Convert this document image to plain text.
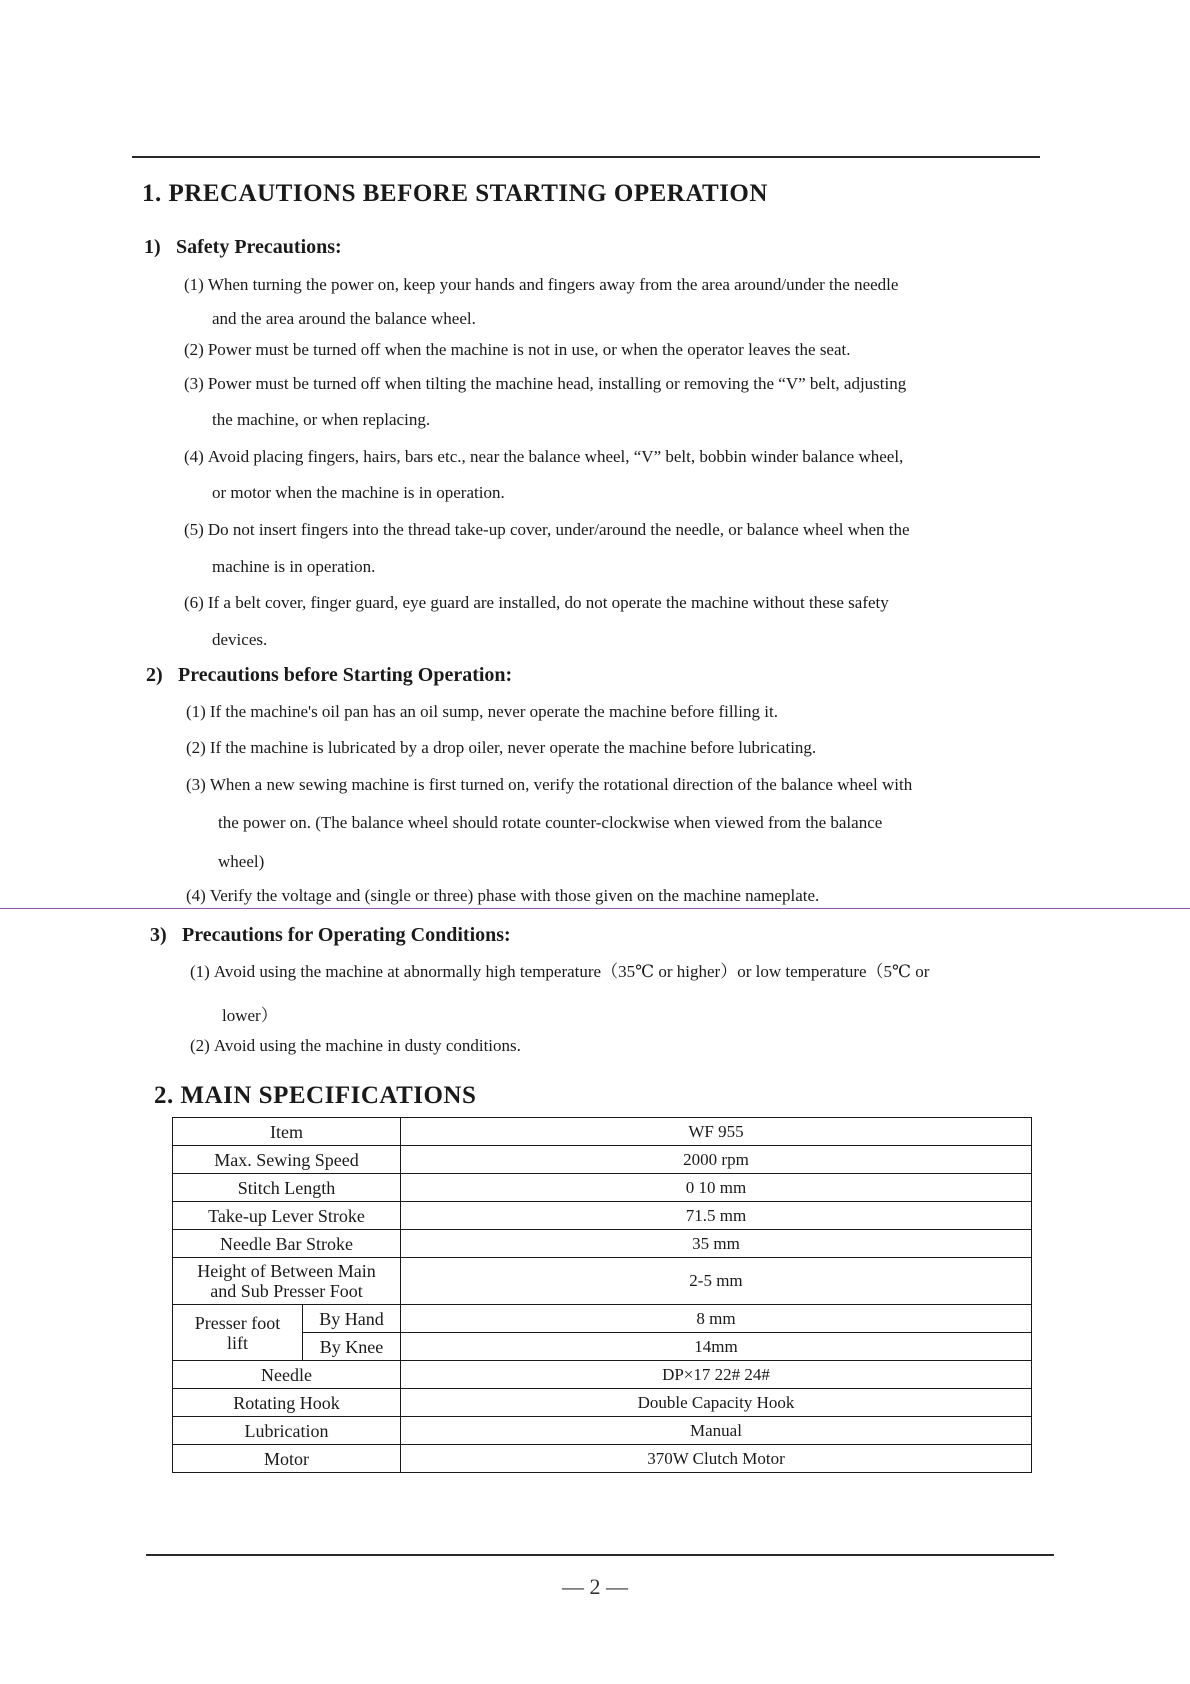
1. PRECAUTIONS BEFORE STARTING OPERATION
1) Safety Precautions:
(1) When turning the power on, keep your hands and fingers away from the area around/under the needle
and the area around the balance wheel.
(2) Power must be turned off when the machine is not in use, or when the operator leaves the seat.
(3) Power must be turned off when tilting the machine head, installing or removing the “V” belt, adjusting
the machine, or when replacing.
(4) Avoid placing fingers, hairs, bars etc., near the balance wheel, “V” belt, bobbin winder balance wheel,
or motor when the machine is in operation.
(5) Do not insert fingers into the thread take-up cover, under/around the needle, or balance wheel when the
machine is in operation.
(6) If a belt cover, finger guard, eye guard are installed, do not operate the machine without these safety
devices.
2) Precautions before Starting Operation:
(1) If the machine's oil pan has an oil sump, never operate the machine before filling it.
(2) If the machine is lubricated by a drop oiler, never operate the machine before lubricating.
(3) When a new sewing machine is first turned on, verify the rotational direction of the balance wheel with
the power on. (The balance wheel should rotate counter-clockwise when viewed from the balance
wheel)
(4) Verify the voltage and (single or three) phase with those given on the machine nameplate.
3) Precautions for Operating Conditions:
(1) Avoid using the machine at abnormally high temperature（35℃ or higher）or low temperature（5℃ or
lower）
(2) Avoid using the machine in dusty conditions.
2. MAIN SPECIFICATIONS
Item		WF 955
Max. Sewing Speed		2000 rpm
Stitch Length		0 10 mm
Take-up Lever Stroke		71.5 mm
Needle Bar Stroke		35 mm
Height of Between Main and Sub Presser Foot		2-5 mm
Presser foot lift	By Hand	8 mm
	By Knee	14mm
Needle		DP×17 22# 24#
Rotating Hook		Double Capacity Hook
Lubrication		Manual
Motor		370W Clutch Motor
— 2 —
